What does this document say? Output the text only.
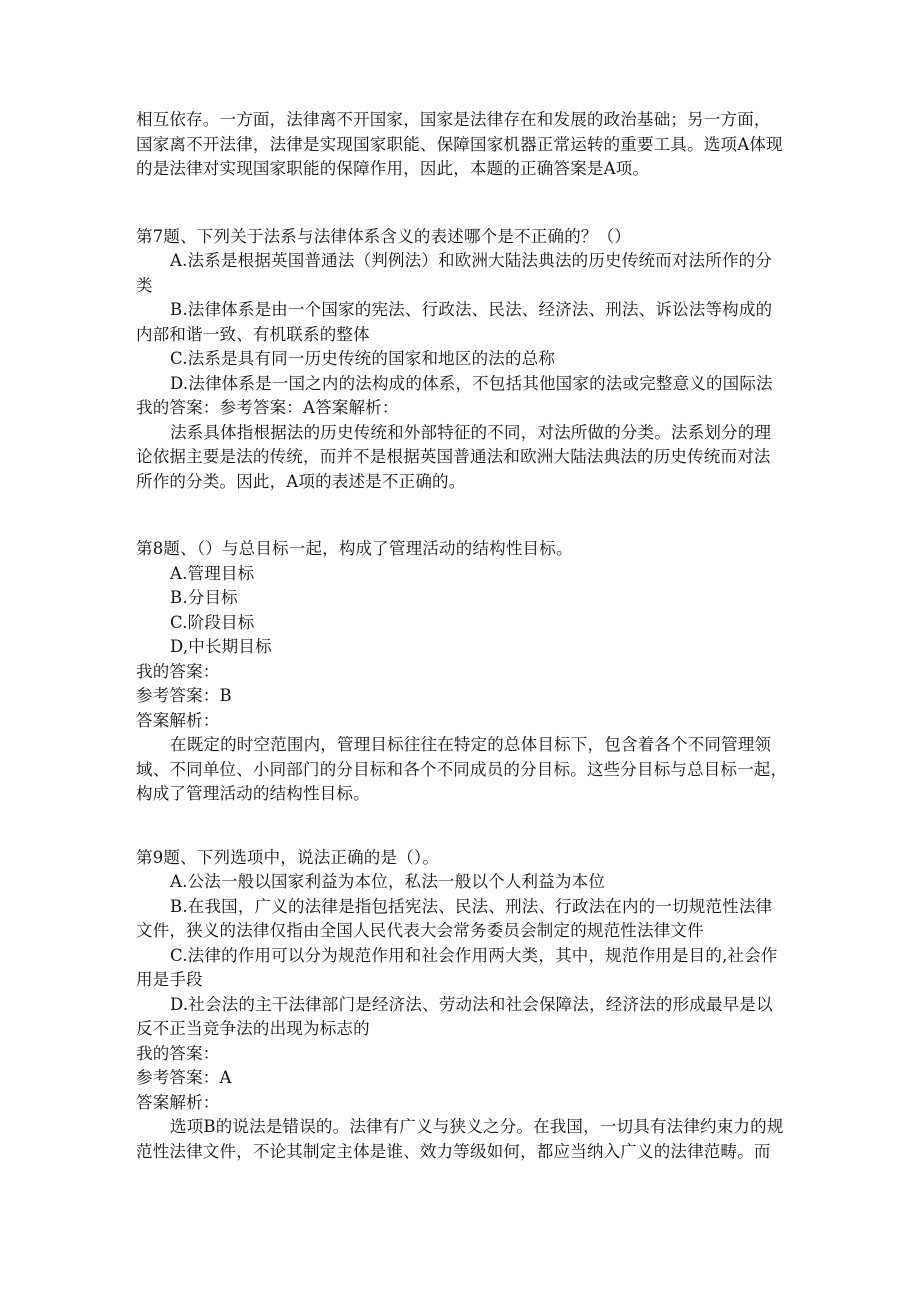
相互依存。一方面，法律离不开国家，国家是法律存在和发展的政治基础；另一方面，
国家离不开法律，法律是实现国家职能、保障国家机器正常运转的重要工具。选项A体现
的是法律对实现国家职能的保障作用，因此，本题的正确答案是A项。
第7题、下列关于法系与法律体系含义的表述哪个是不正确的？（）
A.法系是根据英国普通法（判例法）和欧洲大陆法典法的历史传统而对法所作的分
类
B.法律体系是由一个国家的宪法、行政法、民法、经济法、刑法、诉讼法等构成的
内部和谐一致、有机联系的整体
C.法系是具有同一历史传统的国家和地区的法的总称
D.法律体系是一国之内的法构成的体系，不包括其他国家的法或完整意义的国际法
我的答案：参考答案：A答案解析：
法系具体指根据法的历史传统和外部特征的不同，对法所做的分类。法系划分的理
论依据主要是法的传统，而并不是根据英国普通法和欧洲大陆法典法的历史传统而对法
所作的分类。因此，A项的表述是不正确的。
第8题、（）与总目标一起，构成了管理活动的结构性目标。
A.管理目标
B.分目标
C.阶段目标
D,中长期目标
我的答案：
参考答案：B
答案解析：
在既定的时空范围内，管理目标往往在特定的总体目标下，包含着各个不同管理领
域、不同单位、小同部门的分目标和各个不同成员的分目标。这些分目标与总目标一起，
构成了管理活动的结构性目标。
第9题、下列选项中，说法正确的是（）。
A.公法一般以国家利益为本位，私法一般以个人利益为本位
B.在我国，广义的法律是指包括宪法、民法、刑法、行政法在内的一切规范性法律
文件，狭义的法律仅指由全国人民代表大会常务委员会制定的规范性法律文件
C.法律的作用可以分为规范作用和社会作用两大类，其中，规范作用是目的,社会作
用是手段
D.社会法的主干法律部门是经济法、劳动法和社会保障法，经济法的形成最早是以
反不正当竞争法的出现为标志的
我的答案：
参考答案：A
答案解析：
选项B的说法是错误的。法律有广义与狭义之分。在我国，一切具有法律约束力的规
范性法律文件，不论其制定主体是谁、效力等级如何，都应当纳入广义的法律范畴。而
